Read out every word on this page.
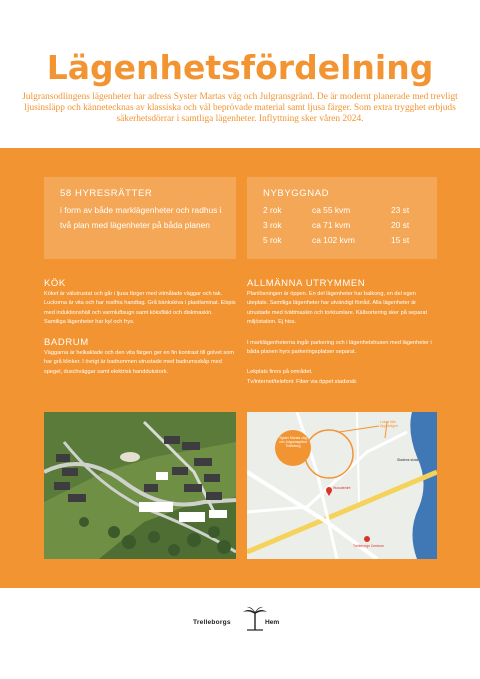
Lägenhetsfördelning
Julgransodlingens lägenheter har adress Syster Martas väg och Julgransgränd. De är modernt planerade med trevligt ljusinsläpp och kännetecknas av klassiska och väl beprövade material samt ljusa färger. Som extra trygghet erbjuds säkerhetsdörrar i samtliga lägenheter. Inflyttning sker våren 2024.
58 HYRESRÄTTER
i form av både marklägenheter och radhus i två plan med lägenheter på båda planen
NYBYGGNAD
2 rok	ca 55 kvm	23 st
3 rok	ca 71 kvm	20 st
5 rok	ca 102 kvm	15 st
KÖK
Köket är välutrustat och går i ljusa färger med vitmålade väggar och tak. Luckorna är vita och har rostfria handtag. Grå bänkskiva i plastlaminat. Elspis med induktionshäll och varmluftsugn samt köksfläkt och diskmaskin. Samtliga lägenheter har kyl och frys.
BADRUM
Väggarna är helkaklade och den vita färgen ger en fin kontrast till golvet som har grå klinker. I övrigt är badrummen utrustade med badrumsskåp med spegel, duschväggar samt elektrisk handdukstork.
ALLMÄNNA UTRYMMEN
Planlösningen är öppen. En del lägenheter har balkong, en del egen uteplats. Samtliga lägenheter har utvändigt förråd. Alla lägenheter är utrustade med tvättmaskin och torktumlare. Källsortering sker på separat miljöstation. Ej hiss.
I marklägenheterna ingår parkering och i lägenhetshusen med lägenheter i båda planen hyrs parkeringsplatser separat.
Lekplats finns på området.
Tv/internet/telefoni: Fiber via öppet stadsnät.
Syster Martas väg och Julgransgränd Trelleborg
Lokalt från Äppelvägen
Stadens skola
Huvudentré
Trelleborgs Centrum
Trelleborgs	Hem
